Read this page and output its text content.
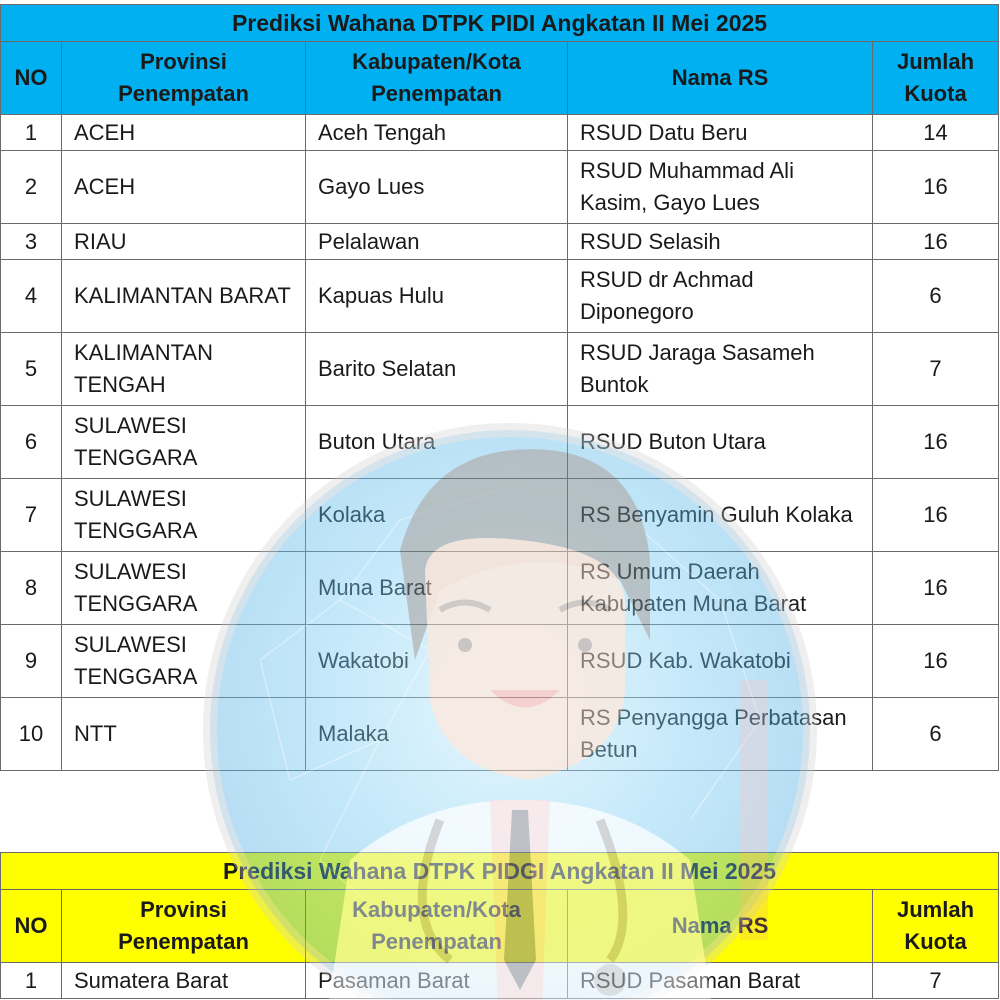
Prediksi Wahana DTPK PIDI Angkatan II Mei 2025				
NO	Provinsi Penempatan	Kabupaten/Kota Penempatan	Nama RS	Jumlah Kuota
1	ACEH	Aceh Tengah	RSUD Datu Beru	14
2	ACEH	Gayo Lues	RSUD Muhammad Ali Kasim, Gayo Lues	16
3	RIAU	Pelalawan	RSUD Selasih	16
4	KALIMANTAN BARAT	Kapuas Hulu	RSUD dr Achmad Diponegoro	6
5	KALIMANTAN TENGAH	Barito Selatan	RSUD Jaraga Sasameh Buntok	7
6	SULAWESI TENGGARA	Buton Utara	RSUD Buton Utara	16
7	SULAWESI TENGGARA	Kolaka	RS Benyamin Guluh Kolaka	16
8	SULAWESI TENGGARA	Muna Barat	RS Umum Daerah Kabupaten Muna Barat	16
9	SULAWESI TENGGARA	Wakatobi	RSUD Kab. Wakatobi	16
10	NTT	Malaka	RS Penyangga Perbatasan Betun	6
Prediksi Wahana DTPK PIDGI Angkatan II Mei 2025				
NO	Provinsi Penempatan	Kabupaten/Kota Penempatan	Nama RS	Jumlah Kuota
1	Sumatera Barat	Pasaman Barat	RSUD Pasaman Barat	7
